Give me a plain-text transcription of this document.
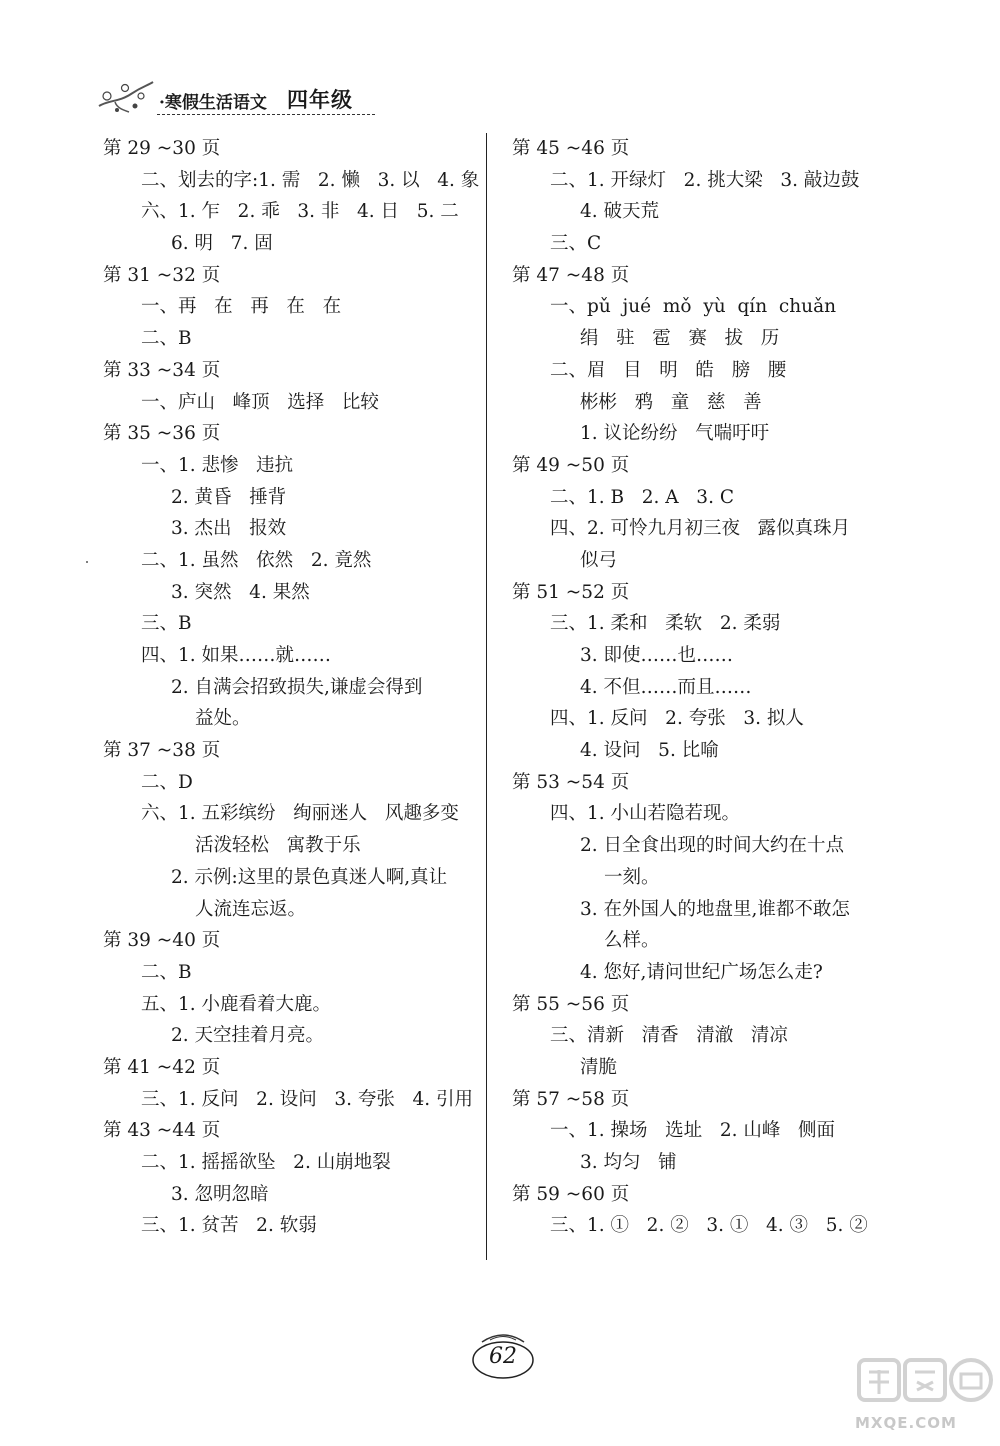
·寒假生活语文 四年级
第 29 ~30 页
二、划去的字:1. 需   2. 懒   3. 以   4. 象
六、1. 乍   2. 乖   3. 非   4. 日   5. 二
6. 明   7. 固
第 31 ~32 页
一、再   在   再   在   在
二、B
第 33 ~34 页
一、庐山   峰顶   选择   比较
第 35 ~36 页
一、1. 悲惨   违抗
2. 黄昏   捶背
3. 杰出   报效
二、1. 虽然   依然   2. 竟然
3. 突然   4. 果然
三、B
四、1. 如果……就……
2. 自满会招致损失,谦虚会得到
益处。
第 37 ~38 页
二、D
六、1. 五彩缤纷   绚丽迷人   风趣多变
活泼轻松   寓教于乐
2. 示例:这里的景色真迷人啊,真让
人流连忘返。
第 39 ~40 页
二、B
五、1. 小鹿看着大鹿。
2. 天空挂着月亮。
第 41 ~42 页
三、1. 反问   2. 设问   3. 夸张   4. 引用
第 43 ~44 页
二、1. 摇摇欲坠   2. 山崩地裂
3. 忽明忽暗
三、1. 贫苦   2. 软弱
第 45 ~46 页
二、1. 开绿灯   2. 挑大梁   3. 敲边鼓
4. 破天荒
三、C
第 47 ~48 页
一、pǔ  jué  mǒ  yù  qín  chuǎn
绢   驻   雹   赛   拔   历
二、眉   目   明   皓   膀   腰
彬彬   鸦   童   慈   善
1. 议论纷纷   气喘吁吁
第 49 ~50 页
二、1. B   2. A   3. C
四、2. 可怜九月初三夜   露似真珠月
似弓
第 51 ~52 页
三、1. 柔和   柔软   2. 柔弱
3. 即使……也……
4. 不但……而且……
四、1. 反问   2. 夸张   3. 拟人
4. 设问   5. 比喻
第 53 ~54 页
四、1. 小山若隐若现。
2. 日全食出现的时间大约在十点
一刻。
3. 在外国人的地盘里,谁都不敢怎
么样。
4. 您好,请问世纪广场怎么走?
第 55 ~56 页
三、清新   清香   清澈   清凉
清脆
第 57 ~58 页
一、1. 操场   选址   2. 山峰   侧面
3. 均匀   铺
第 59 ~60 页
三、1. ①   2. ②   3. ①   4. ③   5. ②
62
MXQE.COM
